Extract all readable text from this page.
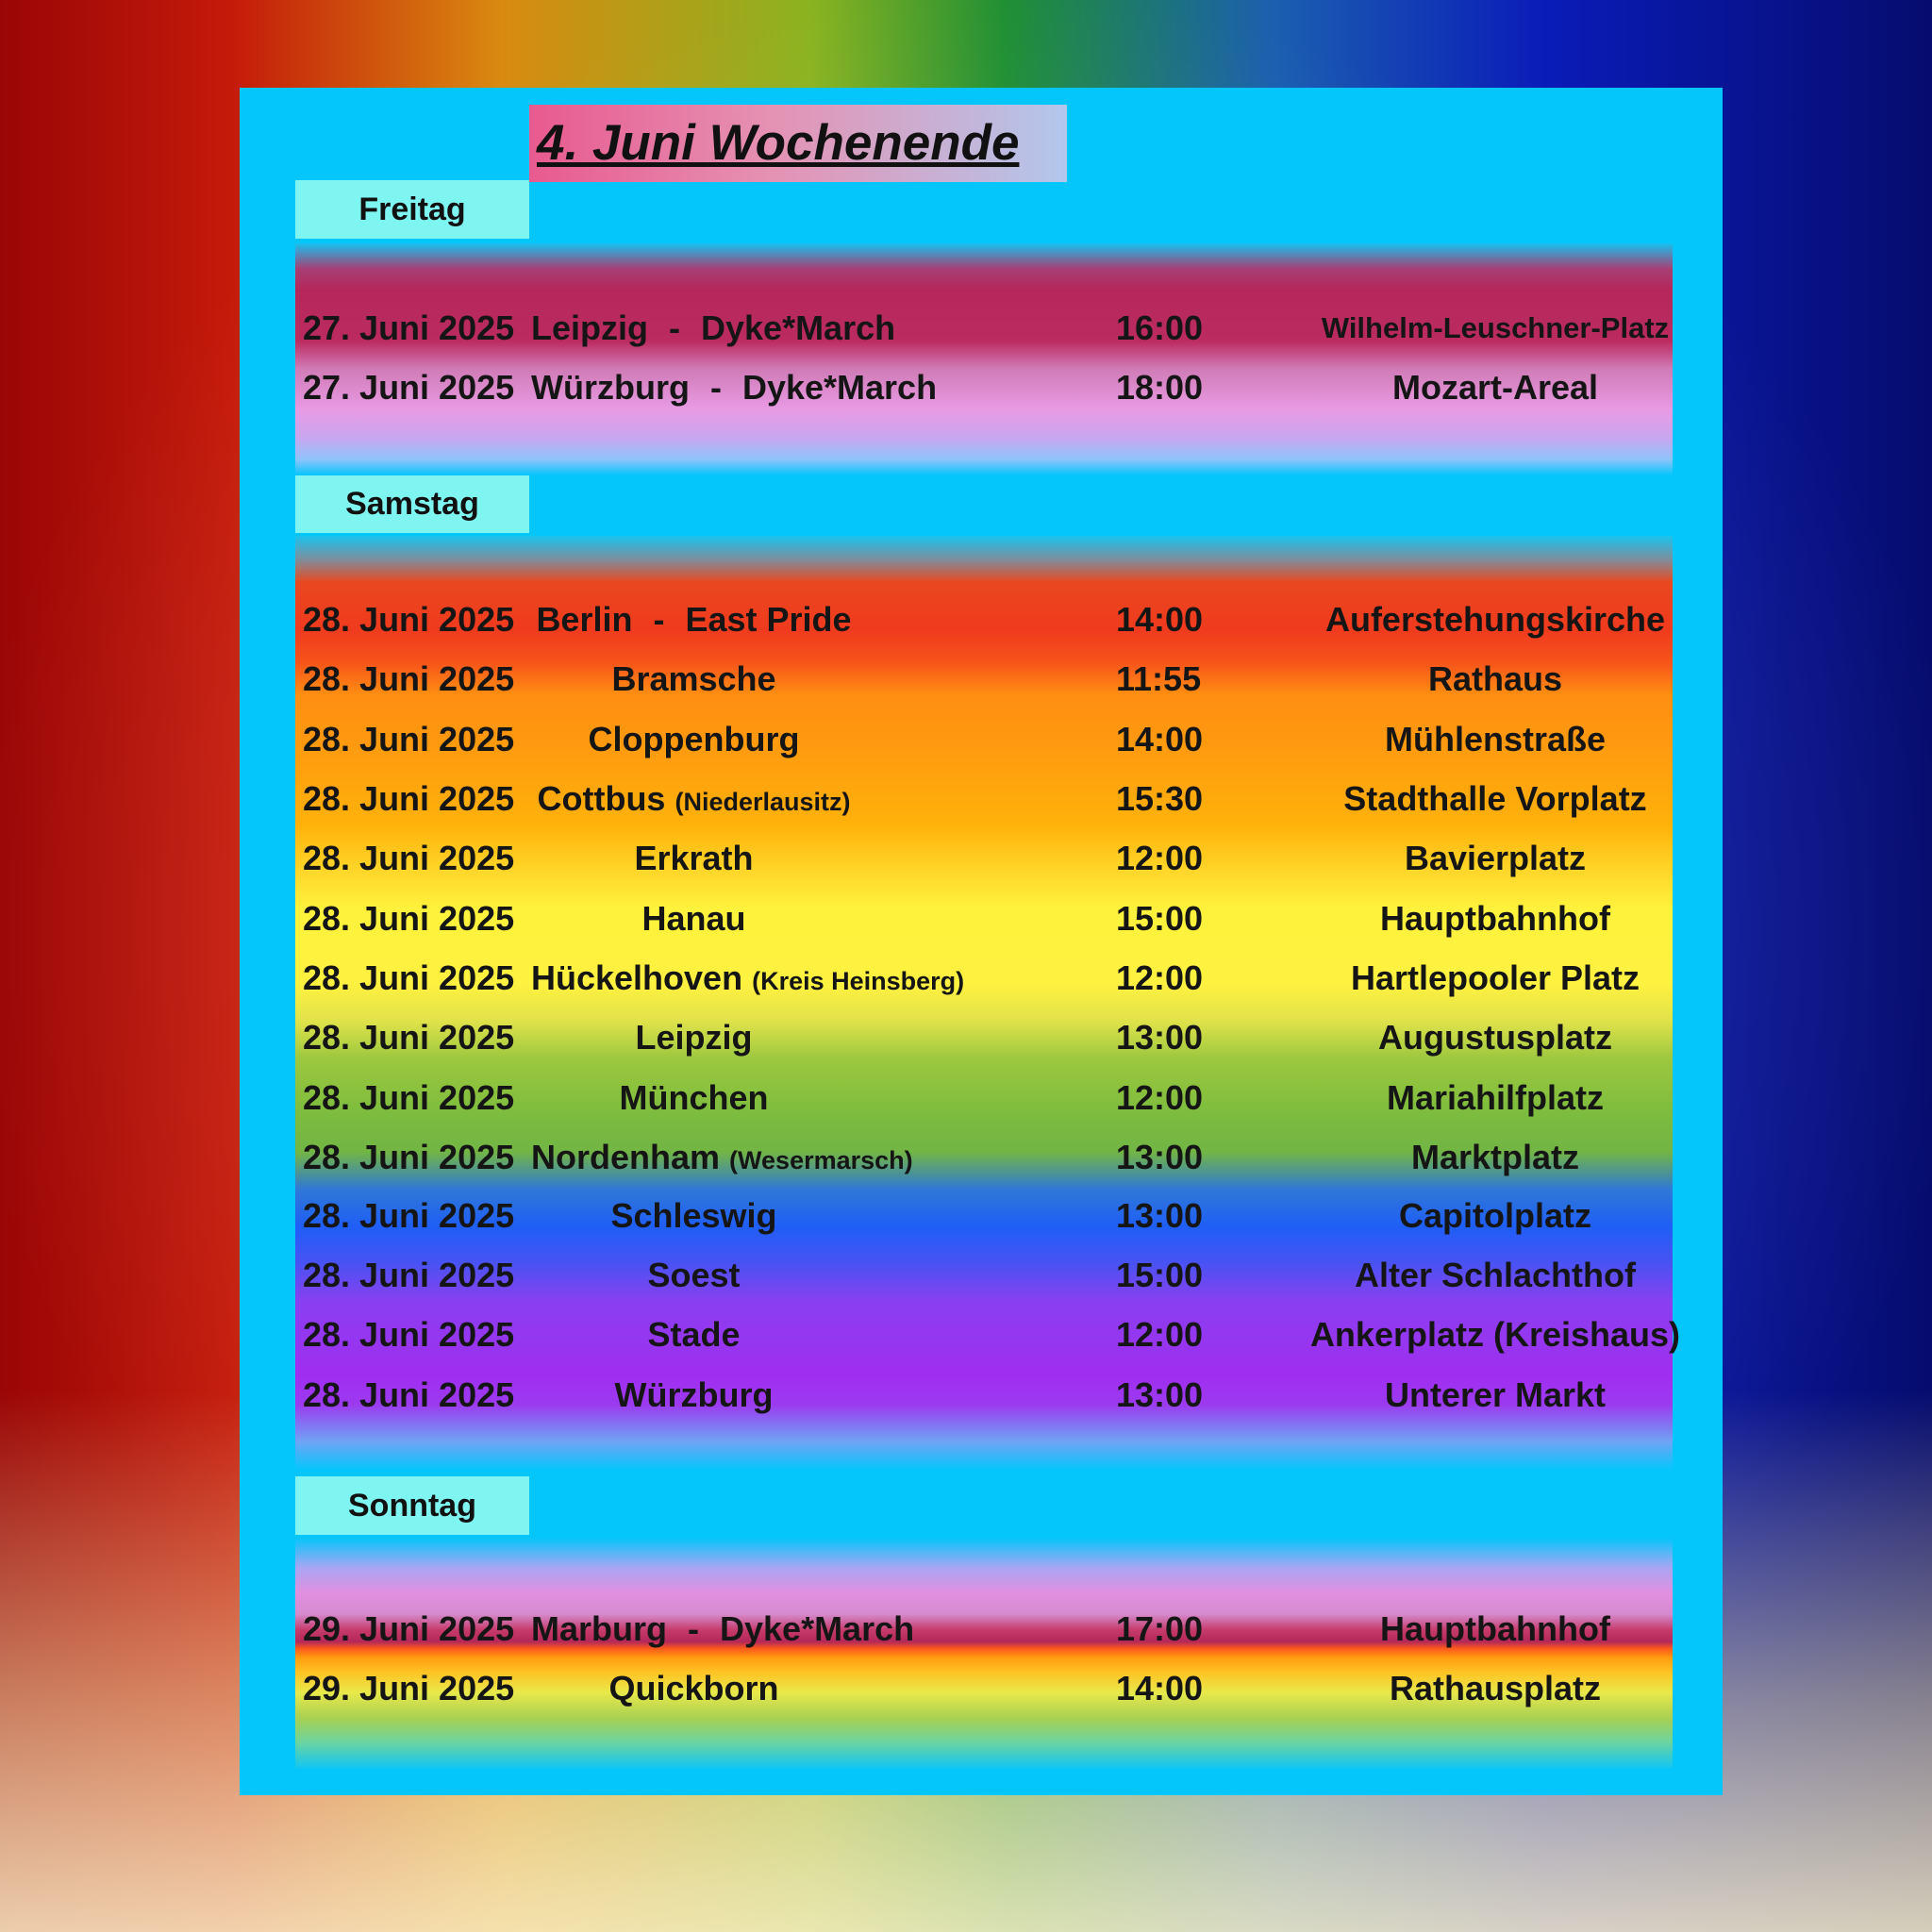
4. Juni Wochenende
Freitag
Samstag
Sonntag
27. Juni 2025 Leipzig - Dyke*March	16:00	Wilhelm-Leuschner-Platz
27. Juni 2025 Würzburg - Dyke*March	18:00	Mozart-Areal
28. Juni 2025 Berlin - East Pride	14:00	Auferstehungskirche
28. Juni 2025	Bramsche	11:55	Rathaus
28. Juni 2025	Cloppenburg	14:00	Mühlenstraße
28. Juni 2025 Cottbus (Niederlausitz)	15:30	Stadthalle Vorplatz
28. Juni 2025	Erkrath	12:00	Bavierplatz
28. Juni 2025	Hanau	15:00	Hauptbahnhof
28. Juni 2025 Hückelhoven (Kreis Heinsberg)	12:00	Hartlepooler Platz
28. Juni 2025	Leipzig	13:00	Augustusplatz
28. Juni 2025	München	12:00	Mariahilfplatz
28. Juni 2025 Nordenham (Wesermarsch)	13:00	Marktplatz
28. Juni 2025	Schleswig	13:00	Capitolplatz
28. Juni 2025	Soest	15:00	Alter Schlachthof
28. Juni 2025	Stade	12:00	Ankerplatz (Kreishaus)
28. Juni 2025	Würzburg	13:00	Unterer Markt
29. Juni 2025 Marburg - Dyke*March	17:00	Hauptbahnhof
29. Juni 2025	Quickborn	14:00	Rathausplatz
